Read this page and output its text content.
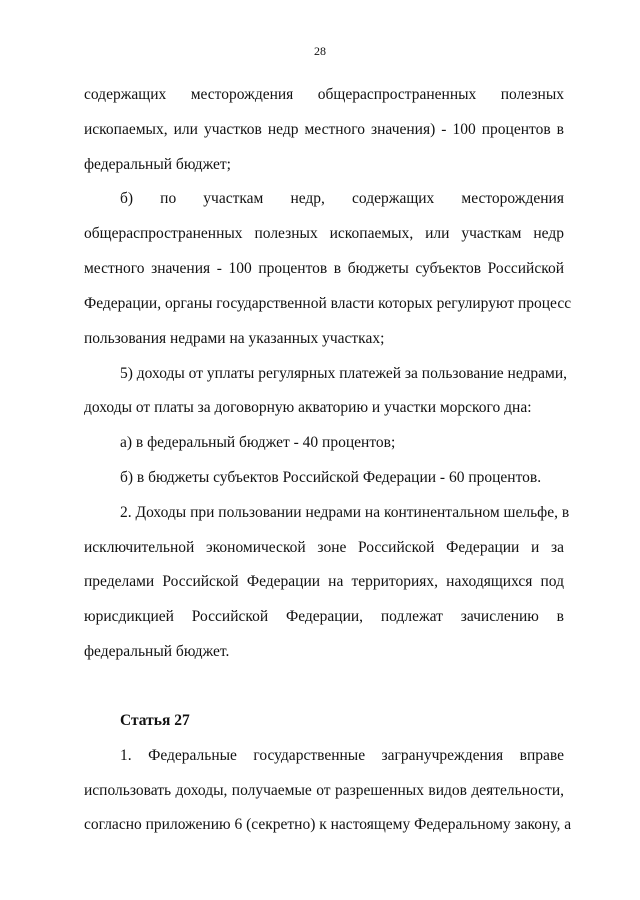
28
содержащих месторождения общераспространенных полезных
ископаемых, или участков недр местного значения) - 100 процентов в
федеральный бюджет;
б) по участкам недр, содержащих месторождения
общераспространенных полезных ископаемых, или участкам недр
местного значения - 100 процентов в бюджеты субъектов Российской
Федерации, органы государственной власти которых регулируют процесс
пользования недрами на указанных участках;
5) доходы от уплаты регулярных платежей за пользование недрами,
доходы от платы за договорную акваторию и участки морского дна:
а) в федеральный бюджет - 40 процентов;
б) в бюджеты субъектов Российской Федерации - 60 процентов.
2. Доходы при пользовании недрами на континентальном шельфе, в
исключительной экономической зоне Российской Федерации и за
пределами Российской Федерации на территориях, находящихся под
юрисдикцией Российской Федерации, подлежат зачислению в
федеральный бюджет.
Статья 27
1. Федеральные государственные загранучреждения вправе
использовать доходы, получаемые от разрешенных видов деятельности,
согласно приложению 6 (секретно) к настоящему Федеральному закону, а
